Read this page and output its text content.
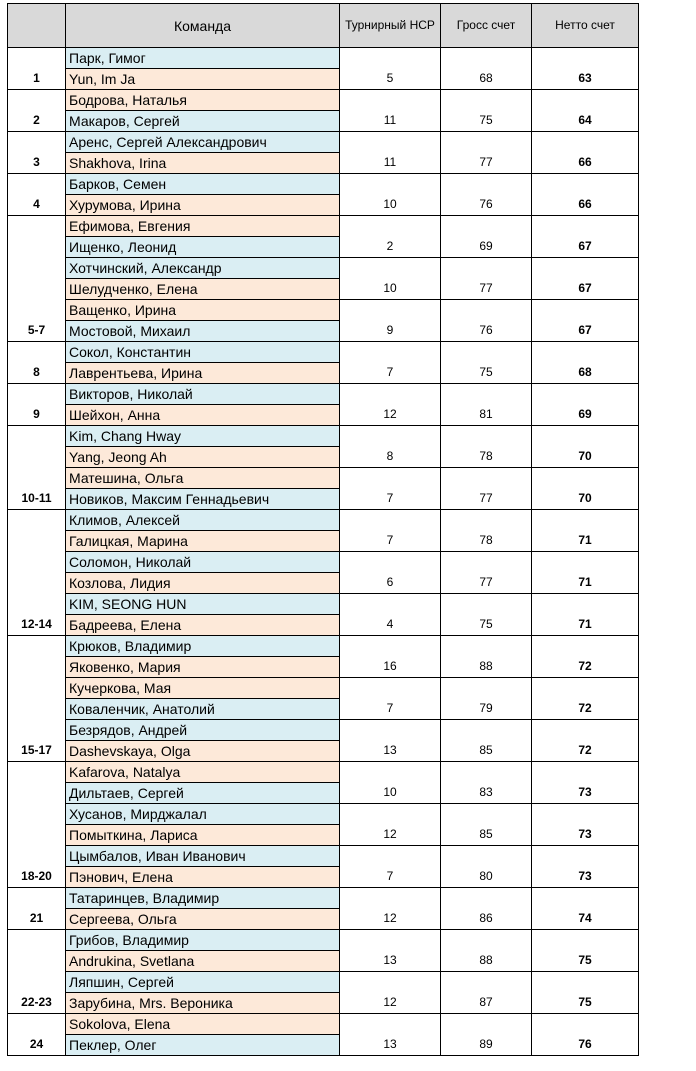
	Команда	Турнирный НСР	Гросс счет	Нетто счет
1	Парк, Гимог	5	68	63
	Yun, Im Ja			
2	Бодрова, Наталья	11	75	64
	Макаров, Сергей			
3	Аренс, Сергей Александрович	11	77	66
	Shakhova, Irina			
4	Барков, Семен	10	76	66
	Хурумова, Ирина			
5-7	Ефимова, Евгения	2	69	67
	Ищенко, Леонид			
	Хотчинский, Александр	10	77	67
	Шелудченко, Елена			
	Ващенко, Ирина	9	76	67
	Мостовой, Михаил			
8	Сокол, Константин	7	75	68
	Лаврентьева, Ирина			
9	Викторов, Николай	12	81	69
	Шейхон, Анна			
10-11	Kim, Chang Hway	8	78	70
	Yang, Jeong Ah			
	Матешина, Ольга	7	77	70
	Новиков, Максим Геннадьевич			
12-14	Климов, Алексей	7	78	71
	Галицкая, Марина			
	Соломон, Николай	6	77	71
	Козлова, Лидия			
	KIM, SEONG HUN	4	75	71
	Бадреева, Елена			
15-17	Крюков, Владимир	16	88	72
	Яковенко, Мария			
	Кучеркова, Мая	7	79	72
	Коваленчик, Анатолий			
	Безрядов, Андрей	13	85	72
	Dashevskaya, Olga			
18-20	Kafarova, Natalya	10	83	73
	Дильтаев, Сергей			
	Хусанов, Мирджалал	12	85	73
	Помыткина, Лариса			
	Цымбалов, Иван Иванович	7	80	73
	Пэнович, Елена			
21	Татаринцев, Владимир	12	86	74
	Сергеева, Ольга			
22-23	Грибов, Владимир	13	88	75
	Andrukina, Svetlana			
	Ляпшин, Сергей	12	87	75
	Зарубина, Mrs. Вероника			
24	Sokolova, Elena	13	89	76
	Пеклер, Олег			
